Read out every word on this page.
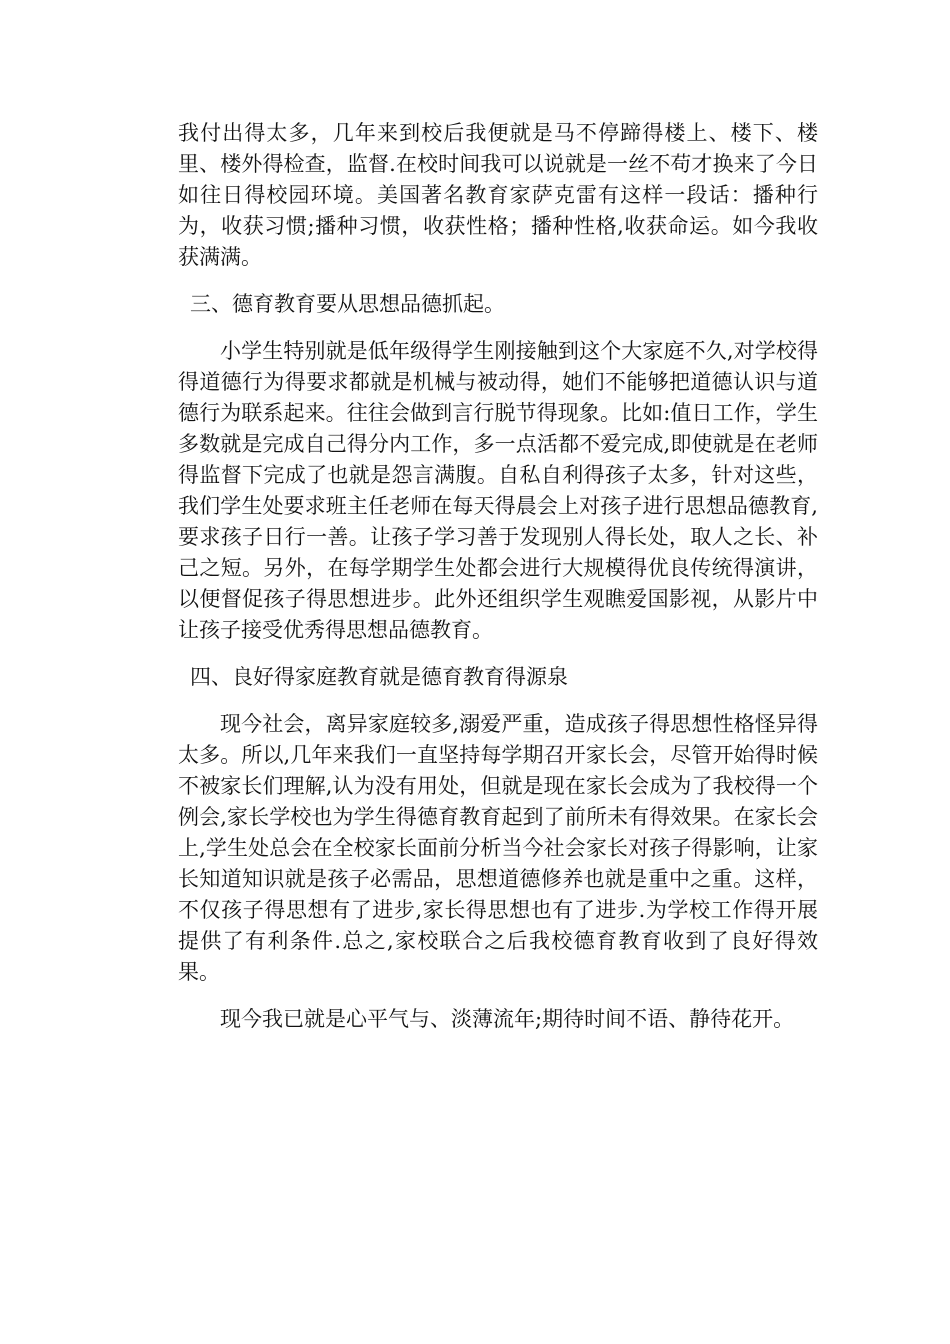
我付出得太多，几年来到校后我便就是马不停蹄得楼上、楼下、楼里、楼外得检查，监督.在校时间我可以说就是一丝不苟才换来了今日如往日得校园环境。美国著名教育家萨克雷有这样一段话：播种行为，收获习惯;播种习惯，收获性格；播种性格,收获命运。如今我收获满满。

三、德育教育要从思想品德抓起。

小学生特别就是低年级得学生刚接触到这个大家庭不久,对学校得得道德行为得要求都就是机械与被动得，她们不能够把道德认识与道德行为联系起来。往往会做到言行脱节得现象。比如:值日工作，学生多数就是完成自己得分内工作，多一点活都不爱完成,即使就是在老师得监督下完成了也就是怨言满腹。自私自利得孩子太多，针对这些，我们学生处要求班主任老师在每天得晨会上对孩子进行思想品德教育,要求孩子日行一善。让孩子学习善于发现别人得长处，取人之长、补己之短。另外，在每学期学生处都会进行大规模得优良传统得演讲，以便督促孩子得思想进步。此外还组织学生观瞧爱国影视，从影片中让孩子接受优秀得思想品德教育。

四、良好得家庭教育就是德育教育得源泉

现今社会，离异家庭较多,溺爱严重，造成孩子得思想性格怪异得太多。所以,几年来我们一直坚持每学期召开家长会，尽管开始得时候不被家长们理解,认为没有用处，但就是现在家长会成为了我校得一个例会,家长学校也为学生得德育教育起到了前所未有得效果。在家长会上,学生处总会在全校家长面前分析当今社会家长对孩子得影响，让家长知道知识就是孩子必需品，思想道德修养也就是重中之重。这样，不仅孩子得思想有了进步,家长得思想也有了进步.为学校工作得开展提供了有利条件.总之,家校联合之后我校德育教育收到了良好得效果。

现今我已就是心平气与、淡薄流年;期待时间不语、静待花开。
